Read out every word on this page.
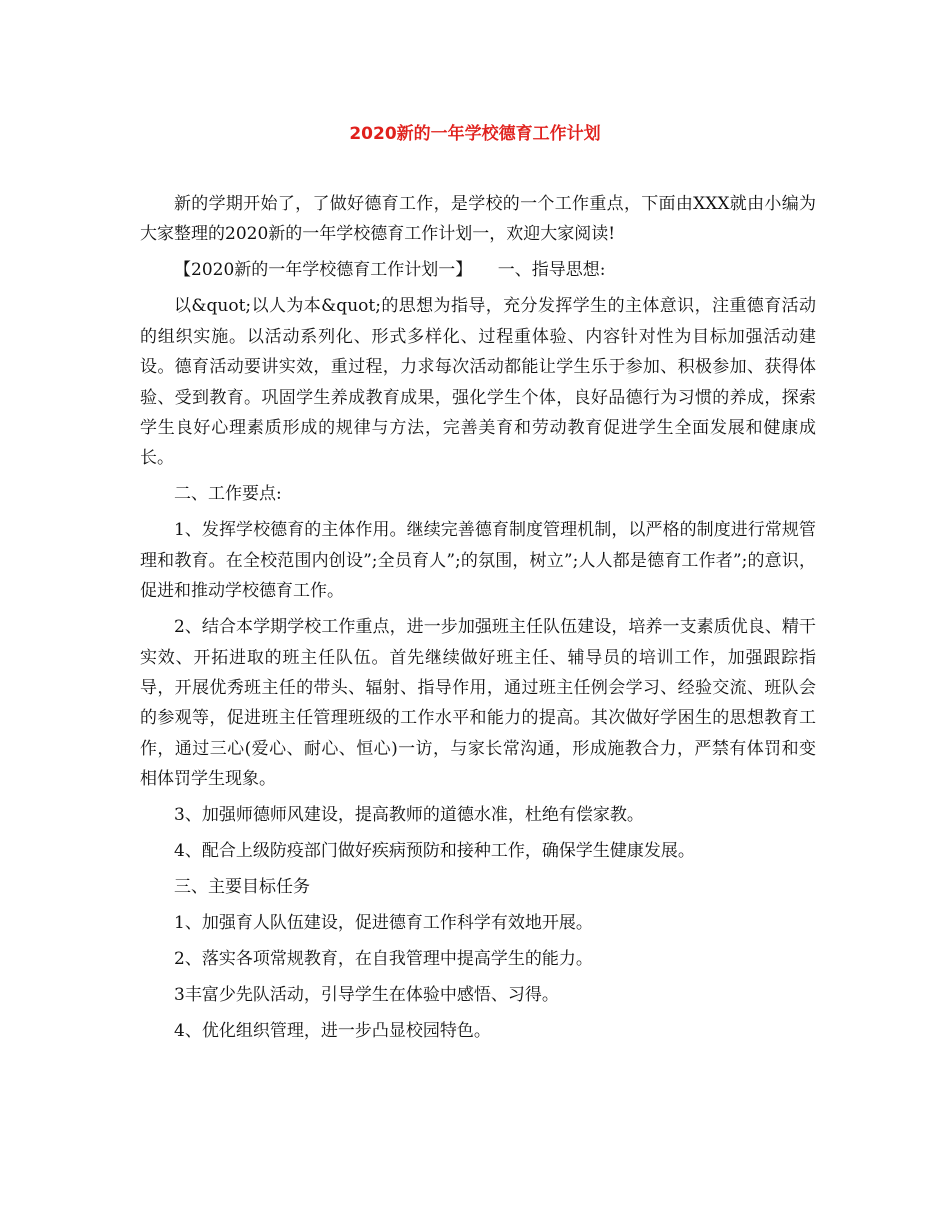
2020新的一年学校德育工作计划

新的学期开始了，了做好德育工作，是学校的一个工作重点，下面由XXX就由小编为大家整理的2020新的一年学校德育工作计划一，欢迎大家阅读!

【2020新的一年学校德育工作计划一】　　一、指导思想:

以&quot;以人为本&quot;的思想为指导，充分发挥学生的主体意识，注重德育活动的组织实施。以活动系列化、形式多样化、过程重体验、内容针对性为目标加强活动建设。德育活动要讲实效，重过程，力求每次活动都能让学生乐于参加、积极参加、获得体验、受到教育。巩固学生养成教育成果，强化学生个体，良好品德行为习惯的养成，探索学生良好心理素质形成的规律与方法，完善美育和劳动教育促进学生全面发展和健康成长。

二、工作要点:

1、发挥学校德育的主体作用。继续完善德育制度管理机制，以严格的制度进行常规管理和教育。在全校范围内创设”;全员育人”;的氛围，树立”;人人都是德育工作者”;的意识，促进和推动学校德育工作。

2、结合本学期学校工作重点，进一步加强班主任队伍建设，培养一支素质优良、精干实效、开拓进取的班主任队伍。首先继续做好班主任、辅导员的培训工作，加强跟踪指导，开展优秀班主任的带头、辐射、指导作用，通过班主任例会学习、经验交流、班队会的参观等，促进班主任管理班级的工作水平和能力的提高。其次做好学困生的思想教育工作，通过三心(爱心、耐心、恒心)一访，与家长常沟通，形成施教合力，严禁有体罚和变相体罚学生现象。

3、加强师德师风建设，提高教师的道德水准，杜绝有偿家教。

4、配合上级防疫部门做好疾病预防和接种工作，确保学生健康发展。

三、主要目标任务

1、加强育人队伍建设，促进德育工作科学有效地开展。

2、落实各项常规教育，在自我管理中提高学生的能力。

3丰富少先队活动，引导学生在体验中感悟、习得。

4、优化组织管理，进一步凸显校园特色。
